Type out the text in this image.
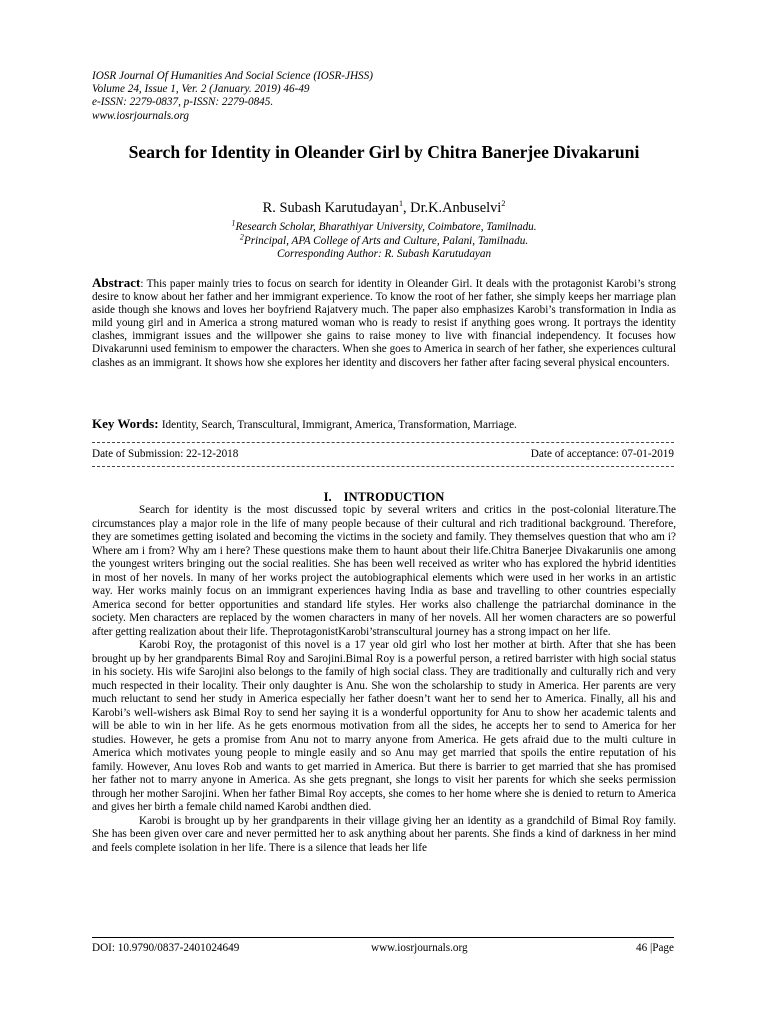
IOSR Journal Of Humanities And Social Science (IOSR-JHSS)
Volume 24, Issue 1, Ver. 2 (January. 2019) 46-49
e-ISSN: 2279-0837, p-ISSN: 2279-0845.
www.iosrjournals.org
Search for Identity in Oleander Girl by Chitra Banerjee Divakaruni
R. Subash Karutudayan$^1$, Dr.K.Anbuselvi$^2$
$^1$Research Scholar, Bharathiyar University, Coimbatore, Tamilnadu.
$^2$Principal, APA College of Arts and Culture, Palani, Tamilnadu.
Corresponding Author: R. Subash Karutudayan
Abstract: This paper mainly tries to focus on search for identity in Oleander Girl. It deals with the protagonist Karobi’s strong desire to know about her father and her immigrant experience. To know the root of her father, she simply keeps her marriage plan aside though she knows and loves her boyfriend Rajatvery much. The paper also emphasizes Karobi’s transformation in India as mild young girl and in America a strong matured woman who is ready to resist if anything goes wrong. It portrays the identity clashes, immigrant issues and the willpower she gains to raise money to live with financial independency. It focuses how Divakarunni used feminism to empower the characters. When she goes to America in search of her father, she experiences cultural clashes as an immigrant. It shows how she explores her identity and discovers her father after facing several physical encounters.
Key Words: Identity, Search, Transcultural, Immigrant, America, Transformation, Marriage.
Date of Submission: 22-12-2018	Date of acceptance: 07-01-2019
I. INTRODUCTION

Search for identity is the most discussed topic by several writers and critics in the post-colonial literature.The circumstances play a major role in the life of many people because of their cultural and rich traditional background. Therefore, they are sometimes getting isolated and becoming the victims in the society and family. They themselves question that who am i? Where am i from? Why am i here? These questions make them to haunt about their life.Chitra Banerjee Divakaruniis one among the youngest writers bringing out the social realities. She has been well received as writer who has explored the hybrid identities in most of her novels. In many of her works project the autobiographical elements which were used in her works in an artistic way. Her works mainly focus on an immigrant experiences having India as base and travelling to other countries especially America second for better opportunities and standard life styles. Her works also challenge the patriarchal dominance in the society. Men characters are replaced by the women characters in many of her novels. All her women characters are so powerful after getting realization about their life. TheprotagonistKarobi’stranscultural journey has a strong impact on her life.

Karobi Roy, the protagonist of this novel is a 17 year old girl who lost her mother at birth. After that she has been brought up by her grandparents Bimal Roy and Sarojini.Bimal Roy is a powerful person, a retired barrister with high social status in his society. His wife Sarojini also belongs to the family of high social class. They are traditionally and culturally rich and very much respected in their locality. Their only daughter is Anu. She won the scholarship to study in America. Her parents are very much reluctant to send her study in America especially her father doesn’t want her to send her to America. Finally, all his and Karobi’s well-wishers ask Bimal Roy to send her saying it is a wonderful opportunity for Anu to show her academic talents and will be able to win in her life. As he gets enormous motivation from all the sides, he accepts her to send to America for her studies. However, he gets a promise from Anu not to marry anyone from America. He gets afraid due to the multi culture in America which motivates young people to mingle easily and so Anu may get married that spoils the entire reputation of his family. However, Anu loves Rob and wants to get married in America. But there is barrier to get married that she has promised her father not to marry anyone in America. As she gets pregnant, she longs to visit her parents for which she seeks permission through her mother Sarojini. When her father Bimal Roy accepts, she comes to her home where she is denied to return to America and gives her birth a female child named Karobi andthen died.

Karobi is brought up by her grandparents in their village giving her an identity as a grandchild of Bimal Roy family. She has been given over care and never permitted her to ask anything about her parents. She finds a kind of darkness in her mind and feels complete isolation in her life. There is a silence that leads her life

DOI: 10.9790/0837-2401024649	www.iosrjournals.org	46 |Page
